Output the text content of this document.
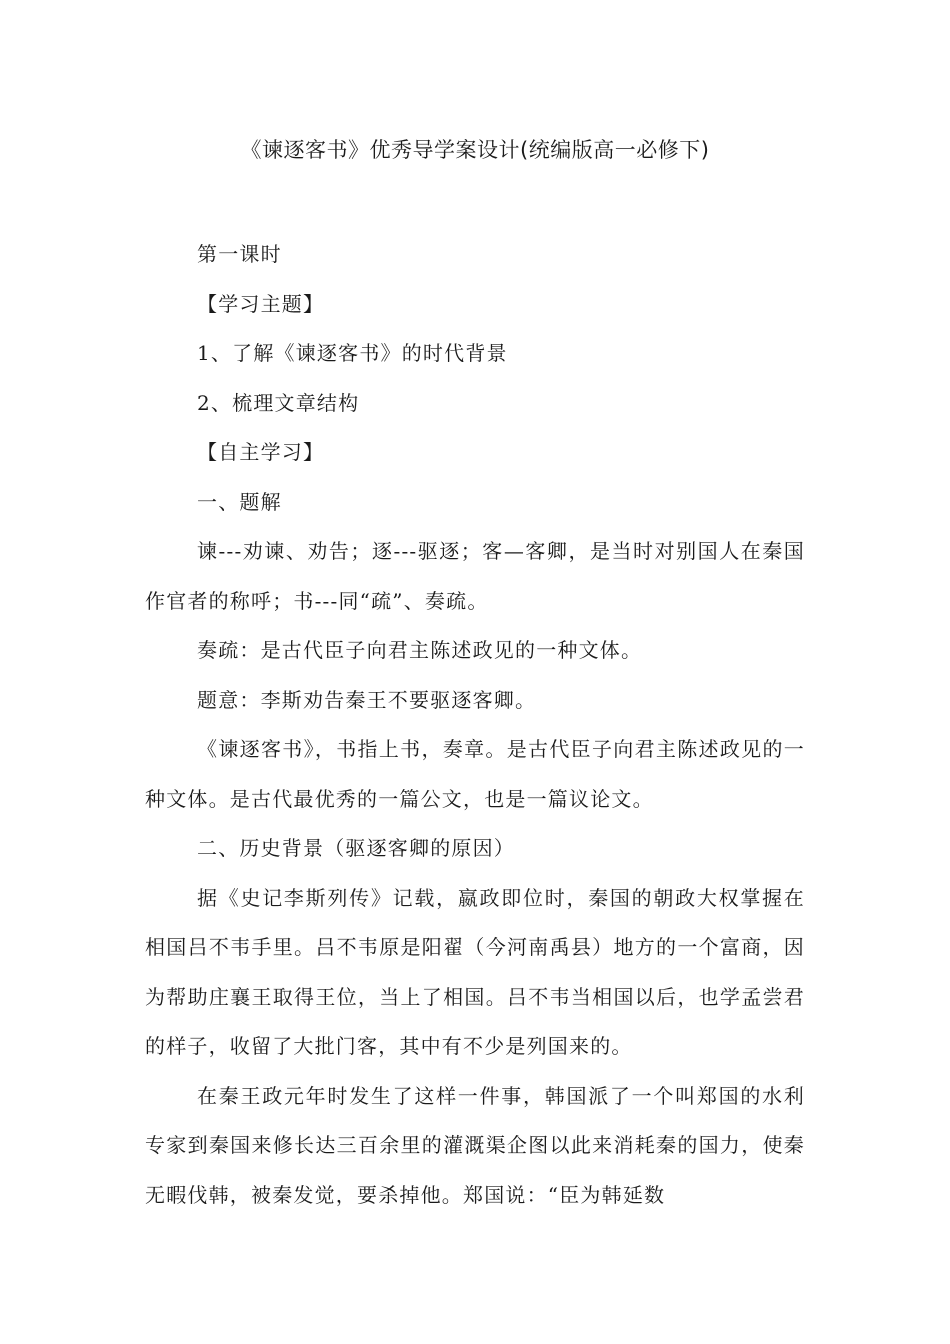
《谏逐客书》优秀导学案设计(统编版高一必修下)

第一课时

【学习主题】

1、了解《谏逐客书》的时代背景

2、梳理文章结构

【自主学习】

一、题解

谏---劝谏、劝告；逐---驱逐；客—客卿，是当时对别国人在秦国作官者的称呼；书---同“疏”、奏疏。

奏疏：是古代臣子向君主陈述政见的一种文体。

题意：李斯劝告秦王不要驱逐客卿。

《谏逐客书》，书指上书，奏章。是古代臣子向君主陈述政见的一种文体。是古代最优秀的一篇公文，也是一篇议论文。

二、历史背景（驱逐客卿的原因）

据《史记李斯列传》记载，嬴政即位时，秦国的朝政大权掌握在相国吕不韦手里。吕不韦原是阳翟（今河南禹县）地方的一个富商，因为帮助庄襄王取得王位，当上了相国。吕不韦当相国以后，也学孟尝君的样子，收留了大批门客，其中有不少是列国来的。

在秦王政元年时发生了这样一件事，韩国派了一个叫郑国的水利专家到秦国来修长达三百余里的灌溉渠企图以此来消耗秦的国力，使秦无暇伐韩，被秦发觉，要杀掉他。郑国说：“臣为韩延数
